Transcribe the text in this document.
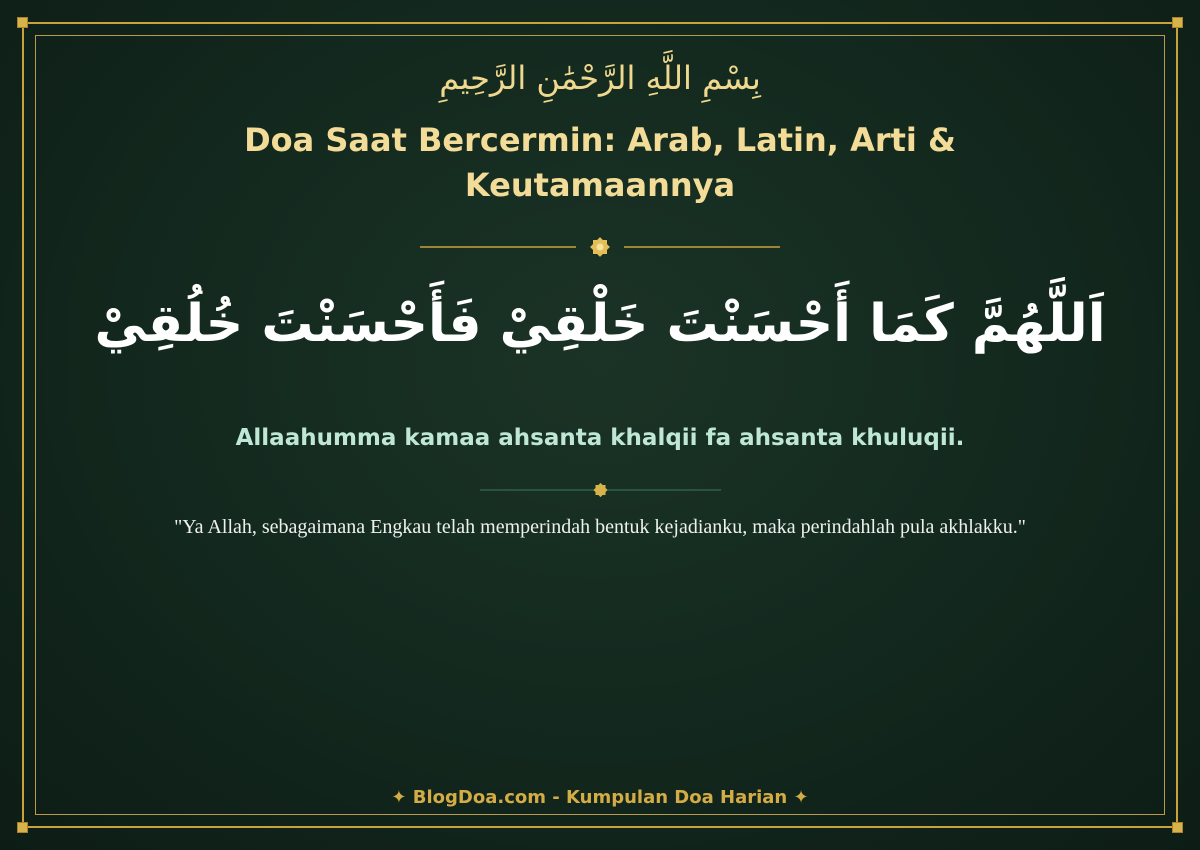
بِسْمِ اللَّهِ الرَّحْمَٰنِ الرَّحِيمِ
Doa Saat Bercermin: Arab, Latin, Arti & Keutamaannya
اَللَّهُمَّ كَمَا أَحْسَنْتَ خَلْقِيْ فَأَحْسَنْتَ خُلُقِيْ
Allaahumma kamaa ahsanta khalqii fa ahsanta khuluqii.
"Ya Allah, sebagaimana Engkau telah memperindah bentuk kejadianku, maka perindahlah pula akhlakku."
✦ BlogDoa.com - Kumpulan Doa Harian ✦
